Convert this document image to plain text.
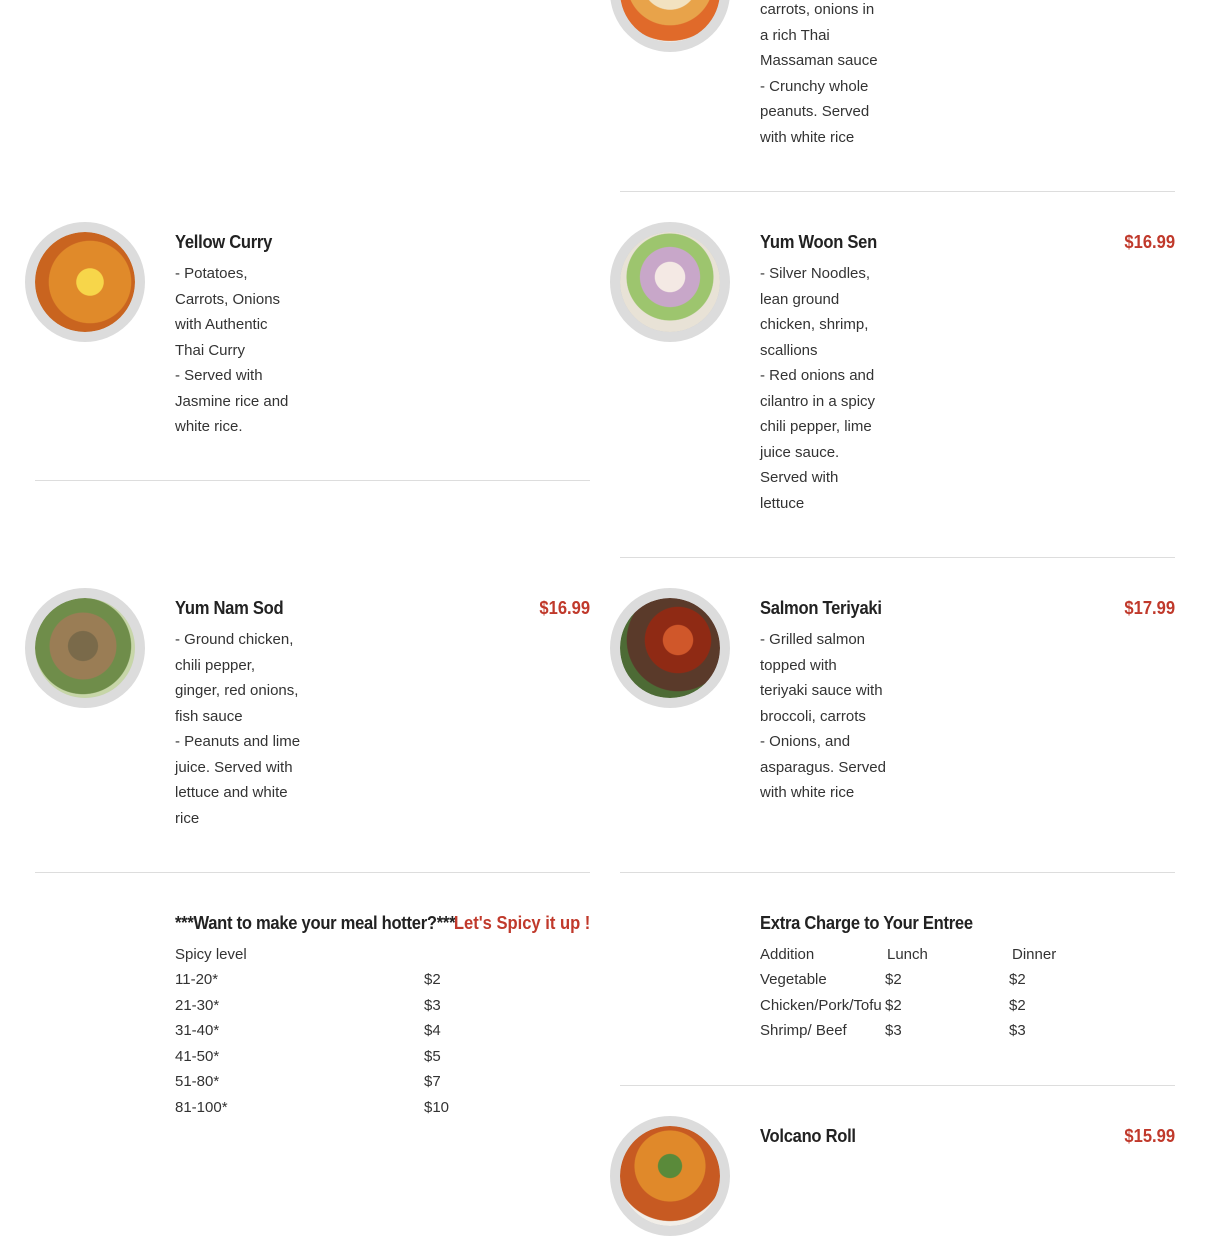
carrots, onions in a rich Thai Massaman sauce

- Crunchy whole peanuts. Served with white rice

Yellow Curry

- Potatoes, Carrots, Onions with Authentic Thai Curry

- Served with Jasmine rice and white rice.

Yum Woon Sen	$16.99

- Silver Noodles, lean ground chicken, shrimp, scallions

- Red onions and cilantro in a spicy chili pepper, lime juice sauce. Served with lettuce

Yum Nam Sod	$16.99

- Ground chicken, chili pepper, ginger, red onions, fish sauce

- Peanuts and lime juice. Served with lettuce and white rice

Salmon Teriyaki	$17.99

- Grilled salmon topped with teriyaki sauce with broccoli, carrots

- Onions, and asparagus. Served with white rice

***Want to make your meal hotter?***
Let's Spicy it up !
Spicy level
11-20*	$2
21-30*	$3
31-40*	$4
41-50*	$5
51-80*	$7
81-100*	$10
Extra Charge to Your Entree
Addition	Lunch	Dinner
Vegetable	$2	$2
Chicken/Pork/Tofu $2	$2
Shrimp/ Beef	$3	$3
Volcano Roll	$15.99
